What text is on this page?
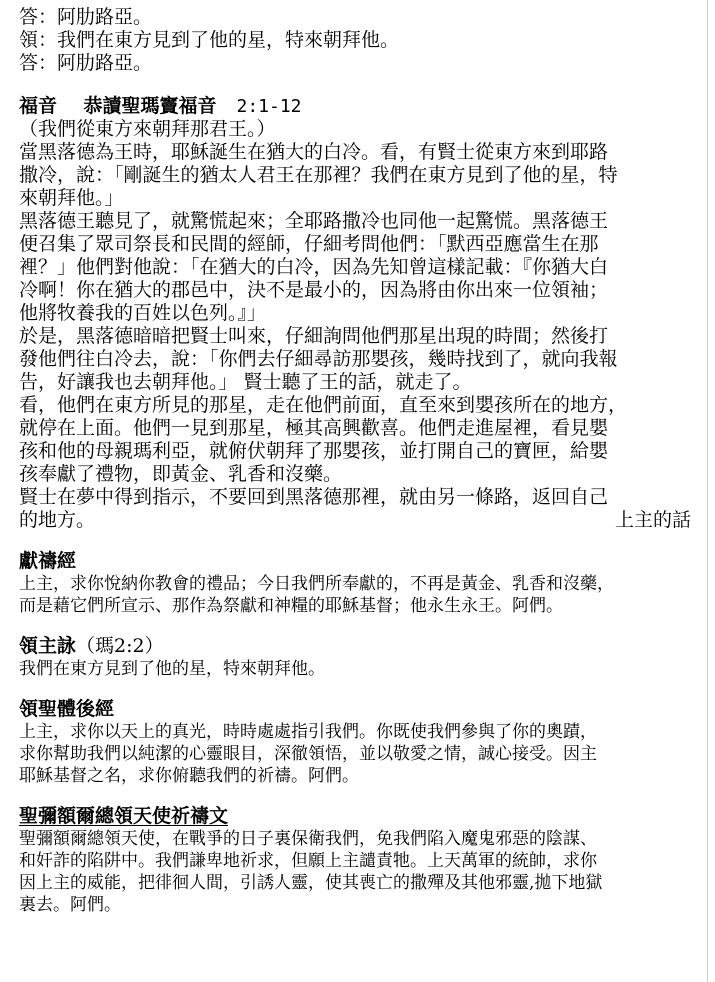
答：阿肋路亞。
領：我們在東方見到了他的星，特來朝拜他。
答：阿肋路亞。
福音 恭讀聖瑪竇福音 2:1-12
（我們從東方來朝拜那君王。）
當黑落德為王時，耶穌誕生在猶大的白冷。看，有賢士從東方來到耶路
撒冷，說：「剛誕生的猶太人君王在那裡？我們在東方見到了他的星，特
來朝拜他。」
黑落德王聽見了，就驚慌起來；全耶路撒冷也同他一起驚慌。黑落德王
便召集了眾司祭長和民間的經師，仔細考問他們：「默西亞應當生在那
裡？」他們對他說：「在猶大的白冷，因為先知曾這樣記載：『你猶大白
冷啊！你在猶大的郡邑中，決不是最小的，因為將由你出來一位領袖；
他將牧養我的百姓以色列。』」
於是，黑落德暗暗把賢士叫來，仔細詢問他們那星出現的時間；然後打
發他們往白冷去，說：「你們去仔細尋訪那嬰孩，幾時找到了，就向我報
告，好讓我也去朝拜他。」 賢士聽了王的話，就走了。
看，他們在東方所見的那星，走在他們前面，直至來到嬰孩所在的地方，
就停在上面。他們一見到那星，極其高興歡喜。他們走進屋裡，看見嬰
孩和他的母親瑪利亞，就俯伏朝拜了那嬰孩，並打開自己的寶匣，給嬰
孩奉獻了禮物，即黃金、乳香和沒藥。
賢士在夢中得到指示，不要回到黑落德那裡，就由另一條路，返回自己
的地方。	上主的話
獻禱經
上主，求你悅納你教會的禮品；今日我們所奉獻的，不再是黃金、乳香和沒藥，
而是藉它們所宣示、那作為祭獻和神糧的耶穌基督；他永生永王。阿們。
領主詠（瑪2:2）
我們在東方見到了他的星，特來朝拜他。
領聖體後經
上主，求你以天上的真光，時時處處指引我們。你既使我們參與了你的奧蹟，
求你幫助我們以純潔的心靈眼目，深徹領悟，並以敬愛之情，誠心接受。因主
耶穌基督之名，求你俯聽我們的祈禱。阿們。
聖彌額爾總領天使祈禱文
聖彌額爾總領天使，在戰爭的日子裏保衛我們，免我們陷入魔鬼邪惡的陰謀、
和奸詐的陷阱中。我們謙卑地祈求，但願上主譴責牠。上天萬軍的統帥，求你
因上主的威能，把徘徊人間，引誘人靈，使其喪亡的撒殫及其他邪靈,拋下地獄
裏去。阿們。
